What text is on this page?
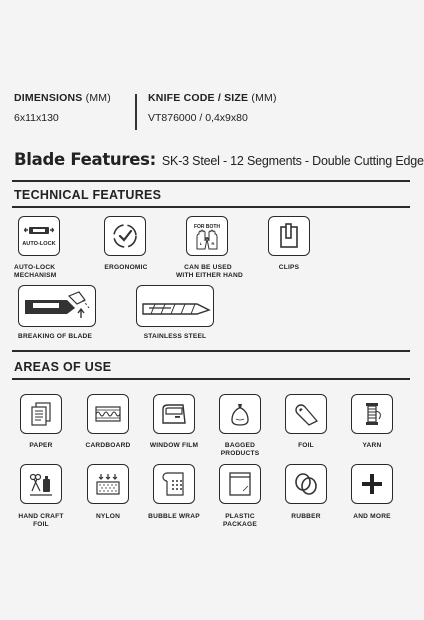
DIMENSIONS (MM)
6x11x130
KNIFE CODE / SIZE (MM)
VT876000 / 0,4x9x80
Blade Features: SK-3 Steel - 12 Segments - Double Cutting Edge
TECHNICAL FEATURES
AUTO-LOCK
AUTO-LOCK
MECHANISM
ERGONOMIC
FOR BOTH
L R
CAN BE USED
WITH EITHER HAND
CLIPS
BREAKING OF BLADE	STAINLESS STEEL
AREAS OF USE
PAPER	CARDBOARD	WINDOW FILM	BAGGED
PRODUCTS
FOIL	YARN
HAND CRAFT
FOIL
NYLON	BUBBLE WRAP	PLASTIC
PACKAGE
RUBBER	AND MORE
